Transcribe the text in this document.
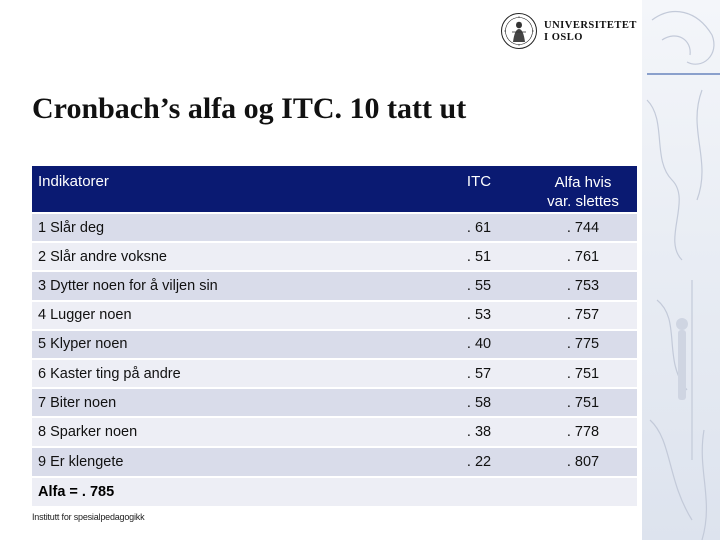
UNIVERSITETET
I OSLO
Cronbach’s alfa og ITC. 10 tatt ut
Indikatorer	ITC	Alfa hvis
var. slettes
1 Slår deg	. 61	. 744
2 Slår andre voksne	. 51	. 761
3 Dytter noen for å viljen sin	. 55	. 753
4 Lugger noen	. 53	. 757
5 Klyper noen	. 40	. 775
6 Kaster ting på andre	. 57	. 751
7 Biter noen	. 58	. 751
8 Sparker noen	. 38	. 778
9 Er klengete	. 22	. 807
Alfa = . 785
Institutt for spesialpedagogikk
